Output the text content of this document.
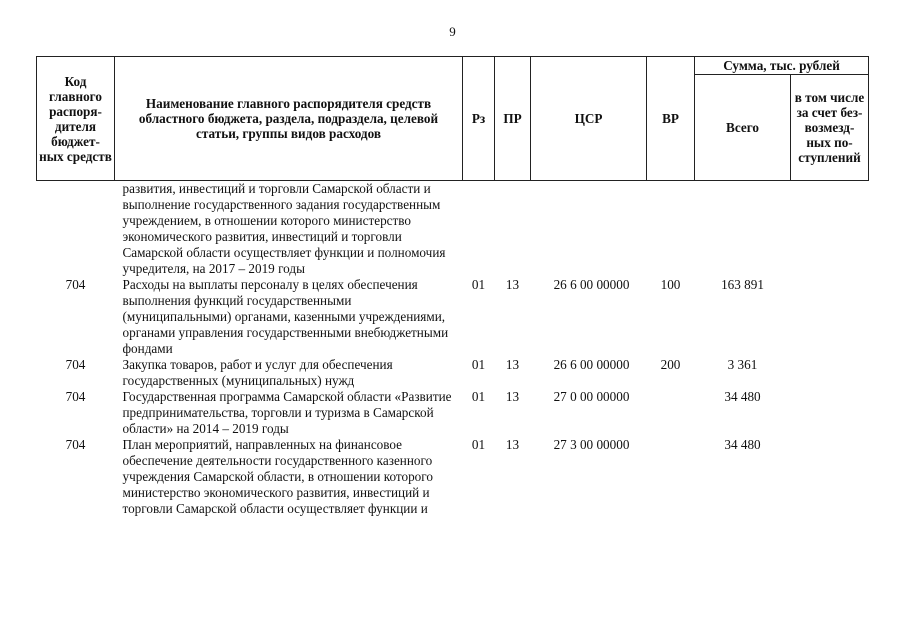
9
Код главного распоря-дителя бюджет-ных средств	Наименование главного распорядителя средств областного бюджета, раздела, подраздела, целевой статьи, группы видов расходов	Рз	ПР	ЦСР	ВР	Сумма, тыс. рублей	
						Всего	в том числе за счет без-возмезд-ных по-ступлений
	развития, инвестиций и торговли Самарской области и выполнение государственного задания государственным учреждением, в отношении которого министерство экономического развития, инвестиций и торговли Самарской области осуществляет функции и полномочия учредителя, на 2017 – 2019 годы						
704	Расходы на выплаты персоналу в целях обеспечения выполнения функций государственными (муниципальными) органами, казенными учреждениями, органами управления государственными внебюджетными фондами	01	13	26 6 00 00000	100	163 891	
704	Закупка товаров, работ и услуг для обеспечения государственных (муниципальных) нужд	01	13	26 6 00 00000	200	3 361	
704	Государственная программа Самарской области «Развитие предпринимательства, торговли и туризма в Самарской области» на 2014 – 2019 годы	01	13	27 0 00 00000		34 480	
704	План мероприятий, направленных на финансовое обеспечение деятельности государственного казенного учреждения Самарской области, в отношении которого министерство экономического развития, инвестиций и торговли Самарской области осуществляет функции и	01	13	27 3 00 00000		34 480	
